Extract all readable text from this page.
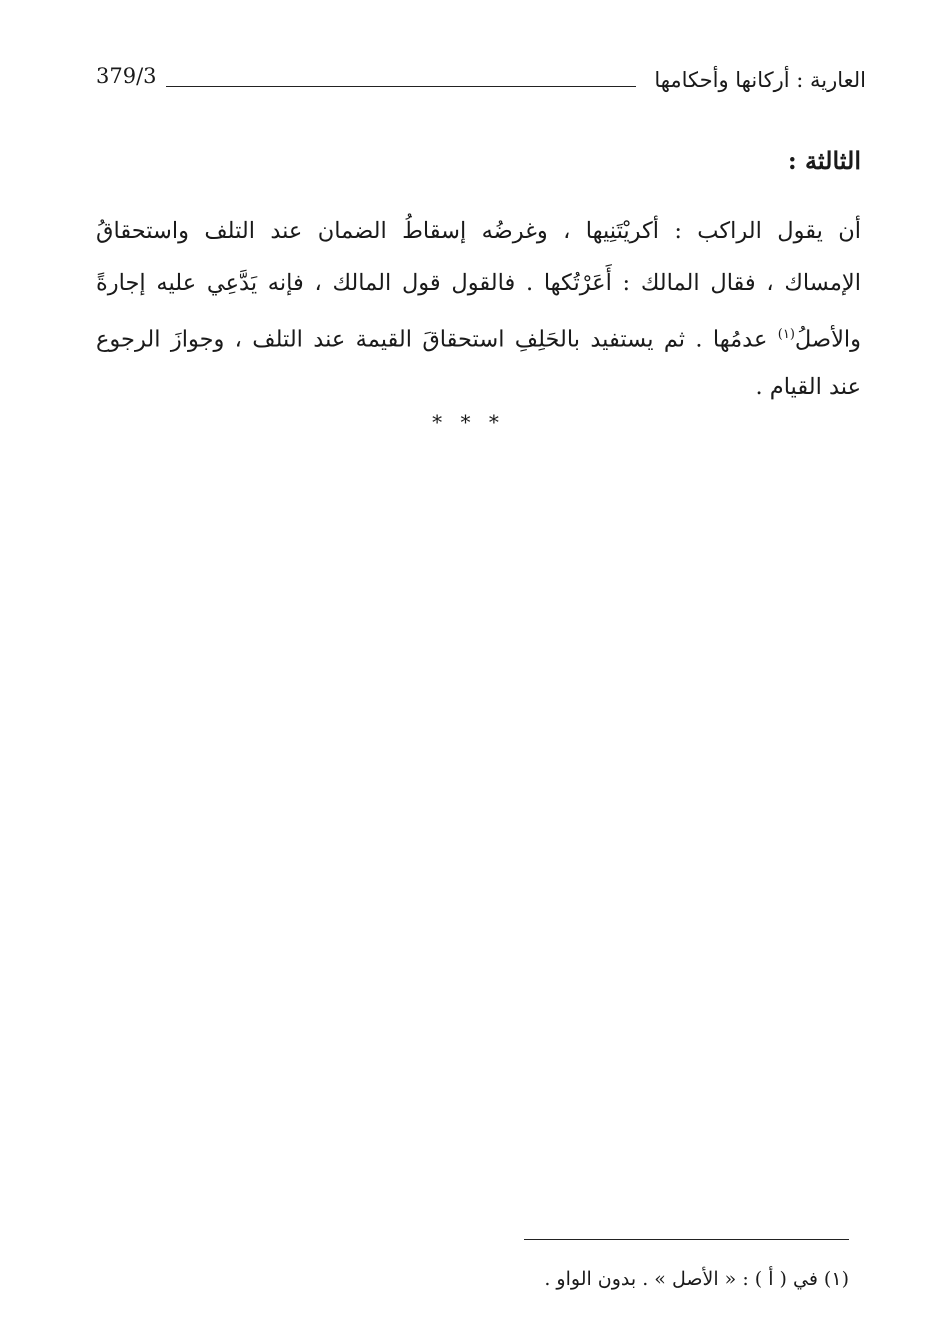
379/3	العارية : أركانها وأحكامها
الثالثة :
أن يقول الراكب : أكريْتَنِيها ، وغرضُه إسقاطُ الضمان عند التلف واستحقاقُ
الإمساك ، فقال المالك : أَعَرْتُكها . فالقول قول المالك ، فإنه يَدَّعِي عليه إجارةً
والأصلُ$^{(١)}$ عدمُها . ثم يستفيد بالحَلِفِ استحقاقَ القيمة عند التلف ، وجوازَ الرجوع
عند القيام .
* * *
(١) في ( أ ) : « الأصل » . بدون الواو .
